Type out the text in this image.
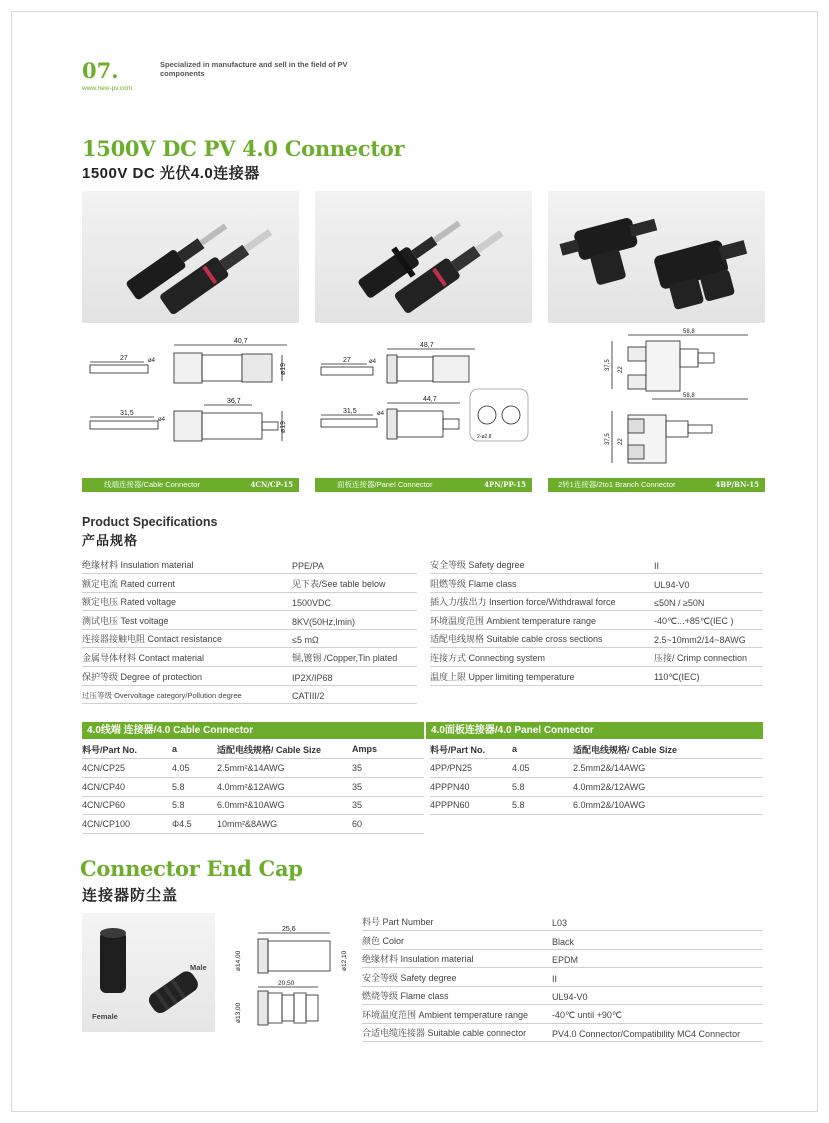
07.	Specialized in manufacture and sell in the field of PV components
www.new-pv.com
1500V DC PV 4.0 Connector
1500V DC 光伏4.0连接器
27	ø4
40,7
ø19
31,5
36,7
ø4
ø19
27	ø4
48,7
31,5
44,7
ø4
2-ø2.8
58,8
37,5 22
58,8
37,5 22
线端连接器/Cable Connector	4CN/CP-15	面板连接器/Panel Connector	4PN/PP-15	2转1连接器/2to1 Branch Connector	4BP/BN-15
Product Specifications
产品规格
绝缘材料 Insulation material	PPE/PA
额定电流 Rated current	见下表/See table below
额定电压 Rated voltage	1500VDC
测试电压 Test voltage	8KV(50Hz,lmin)
连接器接触电阻 Contact resistance	≤5 mΩ
金属导体材料 Contact material	铜,镀锡 /Copper,Tin plated
保护等级 Degree of protection	IP2X/IP68
过压等级 Overvoltage category/Pollution degree	CATIII/2
安全等级 Safety degree	II
阻燃等级 Flame class	UL94-V0
插入力/拔出力 Insertion force/Withdrawal force	≤50N / ≥50N
环境温度范围 Ambient temperature range	-40℃...+85℃(IEC )
适配电线规格 Suitable cable cross sections	2.5~10mm2/14~8AWG
连接方式 Connecting system	压接/ Crimp connection
温度上限 Upper limiting temperature	110℃(IEC)
4.0线端 连接器/4.0 Cable Connector
料号/Part No.	a	适配电线规格/ Cable Size	Amps
4CN/CP25	4.05	2.5mm²&14AWG	35
4CN/CP40	5.8	4.0mm²&12AWG	35
4CN/CP60	5.8	6.0mm²&10AWG	35
4CN/CP100	Φ4.5	10mm²&8AWG	60
4.0面板连接器/4.0 Panel Connector
料号/Part No.	a	适配电线规格/ Cable Size
4PP/PN25	4.05	2.5mm2&/14AWG
4PPPN40	5.8	4.0mm2&/12AWG
4PPPN60	5.8	6.0mm2&/10AWG

Connector End Cap
连接器防尘盖
Male
Female
25,6
ø14,00	ø12,10
20,50
ø13,00
料号 Part Number	L03
颜色 Color	Black
绝缘材料 Insulation material	EPDM
安全等级 Safety degree	II
燃烧等级 Flame class	UL94-V0
环境温度范围 Ambient temperature range	-40℃ until +90℃
合适电缆连接器 Suitable cable connector	PV4.0 Connector/Compatibility MC4 Connector
